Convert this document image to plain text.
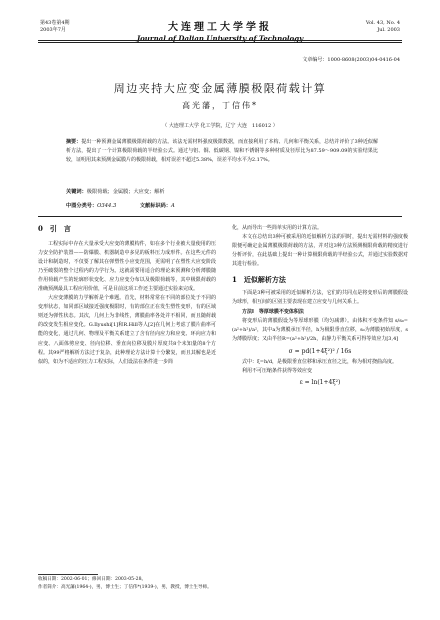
第43卷第4期
2003年7月	大连理工大学学报
Journal of Dalian University of Technology
Vol. 43, No. 4
Jul. 2003
文章编号：1000-8608(2003)04-0416-04
周边夹持大应变金属薄膜极限荷载计算
高光藩，丁信伟*
（ 大连理工大学 化工学院，辽宁 大连　116012 ）
摘要：提出一种预测金属薄膜极限荷载的方法。该法无需材料强度极限数据，而直接利用了本构、几何和平衡关系，总结并评价了3种近似解析方法，提出了一个计算极限荷载的半经验公式。通过与铝、铜、低碳钢、镍和不锈钢等多种材质及径厚比为87.59～909.09的实验结果比较，证明用其来预测金属膜片的极限荷载，相对误差不超过5.38%，误差平均水平为2.17%。
关键词：极限荷载；金属膜；大应变；解析
中图分类号：O344.3	文献标识码：A
0　引　言
工程实际中存在大量承受大应变的薄膜构件，如在多个行业被大量使用的压力安全防护装置——防爆膜、机器制造中多见的板料压力成形件。在这些元件的设计和制造时，不仅要了解其在弹塑性小应变范围，更需明了在塑性大应变阶段乃至破裂的整个过程内的力学行为。这就需要用适合的理论来预测和分析薄膜随作用荷载产生的轮廓形状变化、应力应变分布以及极限荷载等，其中极限荷载的准确预测最具工程应用价值，可是目前这项工作还主要通过实验来完成。
大应变薄膜的力学解析是个难题。首先，材料常常在不同的部位处于不同的变形状态，如同部区域接近强度极限时，有的部位正在发生塑性变形，有的区域则还为弹性状态。其次，几何上为非线性，薄膜曲率各处并不相同，而且随荷载的改变发生相应变化。G.Ilyushi[1]和R.Hill等人[2]在几何上考虑了膜片曲率可能的变化，通过几何、物理及平衡关系建立了含有径向应力和应变、环向应力和应变、八面体剪应变、径向位移、垂直向位移及膜片厚度共8个未知量的8个方程。其99严格解析方法过于复杂，此种理论方法计算十分繁复，而且其解也是近似的，如为不适应的压力工程实际，人们设法在条件进一步简
化，从而导出一些简单实用的计算方法。
本文在总结出3种可被采用的近似解析方法的同时，提出无需材料的强度极限便可确定金属薄膜极限荷载的方法，并对这3种方法预测极限荷载的精度进行分析评价，在此基础上提出一种计算极限荷载的半经验公式，并通过实验数据对其进行检验。
1　近似解析方法
下面是3种可被采用的近似解析方法，它们的共同点是将变形后的薄膜假设为球形，相互间的区别主要表现在建立应变与几何关系上。
方法Ⅰ　等厚球膜不变体积法
将变形后的薄膜假设为等厚球形膜（均匀减薄）。由体积不变条件知 s/s₀=(a²+h²)/a²，其中a为薄膜承压半径，h为极限垂直位移，s₀为薄膜初始厚度，s为薄膜厚度；又由半径R=(a²+h²)/2h，由静力平衡关系可得等效应力[3,4]
σ = pd(1+4ξ²)² / 16s
式中：ξ=h/d，是极限垂直位移和承压直径之比，称为相对挠曲高度。
利用不可压缩条件获得等效应变
ε = ln(1+4ξ²)
收稿日期：2002-06-01；修回日期：2003-05-28。
作者简介：高光藩(1964-)，男，博士生；丁信伟*(1939-)，男，教授，博士生导师。
